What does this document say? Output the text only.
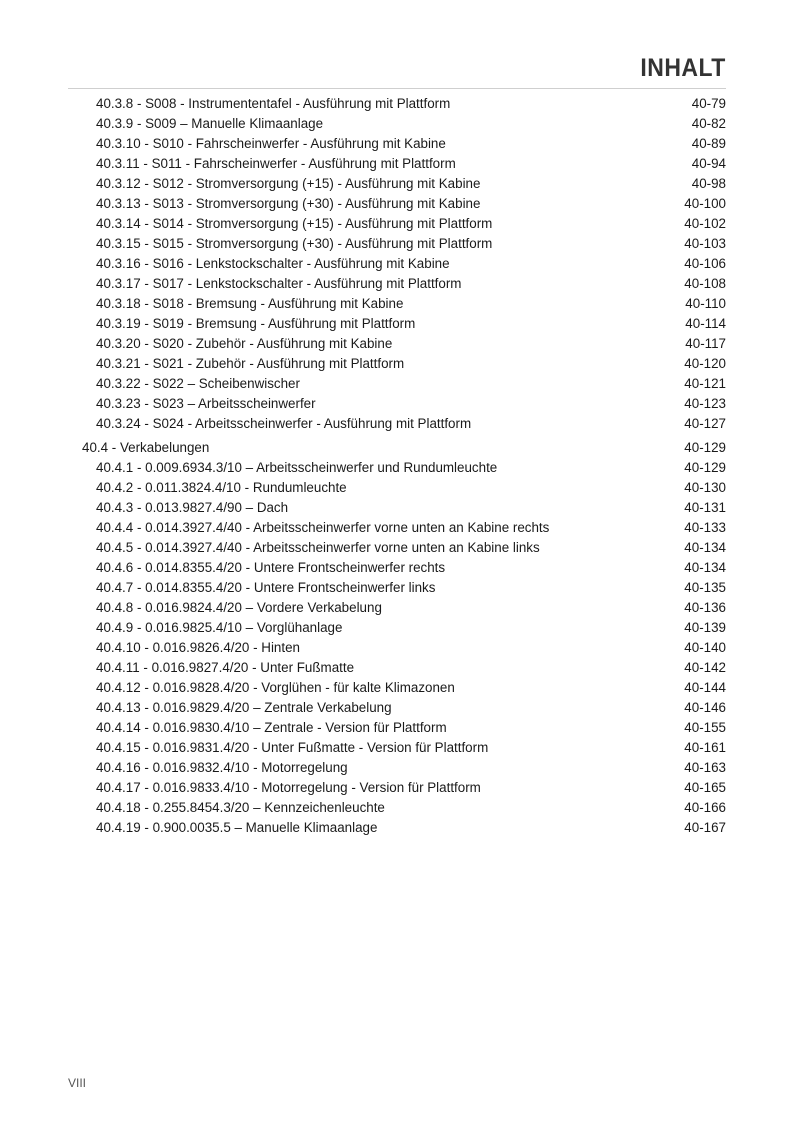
INHALT
40.3.8 - S008 - Instrumententafel - Ausführung mit Plattform	40-79
40.3.9 - S009 – Manuelle Klimaanlage	40-82
40.3.10 - S010 - Fahrscheinwerfer - Ausführung mit Kabine	40-89
40.3.11 - S011 - Fahrscheinwerfer - Ausführung mit Plattform	40-94
40.3.12 - S012 - Stromversorgung (+15) - Ausführung mit Kabine	40-98
40.3.13 - S013 - Stromversorgung (+30) - Ausführung mit Kabine	40-100
40.3.14 - S014 - Stromversorgung (+15) - Ausführung mit Plattform	40-102
40.3.15 - S015 - Stromversorgung (+30) - Ausführung mit Plattform	40-103
40.3.16 - S016 - Lenkstockschalter - Ausführung mit Kabine	40-106
40.3.17 - S017 - Lenkstockschalter - Ausführung mit Plattform	40-108
40.3.18 - S018 - Bremsung - Ausführung mit Kabine	40-110
40.3.19 - S019 - Bremsung - Ausführung mit Plattform	40-114
40.3.20 - S020 - Zubehör - Ausführung mit Kabine	40-117
40.3.21 - S021 - Zubehör - Ausführung mit Plattform	40-120
40.3.22 - S022 – Scheibenwischer	40-121
40.3.23 - S023 – Arbeitsscheinwerfer	40-123
40.3.24 - S024 - Arbeitsscheinwerfer - Ausführung mit Plattform	40-127
40.4 - Verkabelungen	40-129
40.4.1 - 0.009.6934.3/10 – Arbeitsscheinwerfer und Rundumleuchte	40-129
40.4.2 - 0.011.3824.4/10 - Rundumleuchte	40-130
40.4.3 - 0.013.9827.4/90 – Dach	40-131
40.4.4 - 0.014.3927.4/40 - Arbeitsscheinwerfer vorne unten an Kabine rechts	40-133
40.4.5 - 0.014.3927.4/40 - Arbeitsscheinwerfer vorne unten an Kabine links	40-134
40.4.6 - 0.014.8355.4/20 - Untere Frontscheinwerfer rechts	40-134
40.4.7 - 0.014.8355.4/20 - Untere Frontscheinwerfer links	40-135
40.4.8 - 0.016.9824.4/20 – Vordere Verkabelung	40-136
40.4.9 - 0.016.9825.4/10 – Vorglühanlage	40-139
40.4.10 - 0.016.9826.4/20 - Hinten	40-140
40.4.11 - 0.016.9827.4/20 - Unter Fußmatte	40-142
40.4.12 - 0.016.9828.4/20 - Vorglühen - für kalte Klimazonen	40-144
40.4.13 - 0.016.9829.4/20 – Zentrale Verkabelung	40-146
40.4.14 - 0.016.9830.4/10 – Zentrale - Version für Plattform	40-155
40.4.15 - 0.016.9831.4/20 - Unter Fußmatte - Version für Plattform	40-161
40.4.16 - 0.016.9832.4/10 - Motorregelung	40-163
40.4.17 - 0.016.9833.4/10 - Motorregelung - Version für Plattform	40-165
40.4.18 - 0.255.8454.3/20 – Kennzeichenleuchte	40-166
40.4.19 - 0.900.0035.5 – Manuelle Klimaanlage	40-167
VIII
